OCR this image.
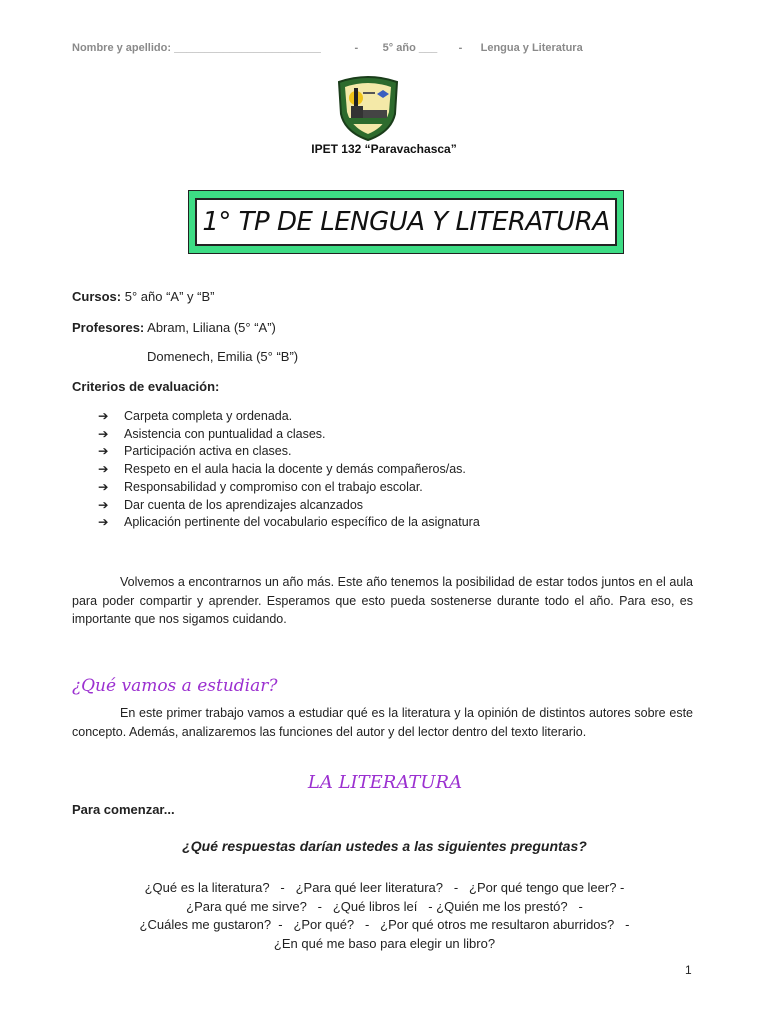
Nombre y apellido: ________________________	- 5° año ___ - Lengua y Literatura
IPET 132 “Paravachasca”
1° TP DE LENGUA Y LITERATURA
Cursos: 5° año “A” y “B”
Profesores: Abram, Liliana (5° “A”)
Domenech, Emilia (5° “B”)
Criterios de evaluación:
➔ Carpeta completa y ordenada.
➔ Asistencia con puntualidad a clases.
➔ Participación activa en clases.
➔ Respeto en el aula hacia la docente y demás compañeros/as.
➔ Responsabilidad y compromiso con el trabajo escolar.
➔ Dar cuenta de los aprendizajes alcanzados
➔ Aplicación pertinente del vocabulario específico de la asignatura
Volvemos a encontrarnos un año más. Este año tenemos la posibilidad de estar todos juntos en el aula para poder compartir y aprender. Esperamos que esto pueda sostenerse durante todo el año. Para eso, es importante que nos sigamos cuidando.
¿Qué vamos a estudiar?
En este primer trabajo vamos a estudiar qué es la literatura y la opinión de distintos autores sobre este concepto. Además, analizaremos las funciones del autor y del lector dentro del texto literario.
LA LITERATURA
Para comenzar...
¿Qué respuestas darían ustedes a las siguientes preguntas?
¿Qué es la literatura?   -   ¿Para qué leer literatura?   -   ¿Por qué tengo que leer? -
¿Para qué me sirve?   -   ¿Qué libros leí   - ¿Quién me los prestó?   -
¿Cuáles me gustaron?  -   ¿Por qué?   -   ¿Por qué otros me resultaron aburridos?   -
¿En qué me baso para elegir un libro?
1
